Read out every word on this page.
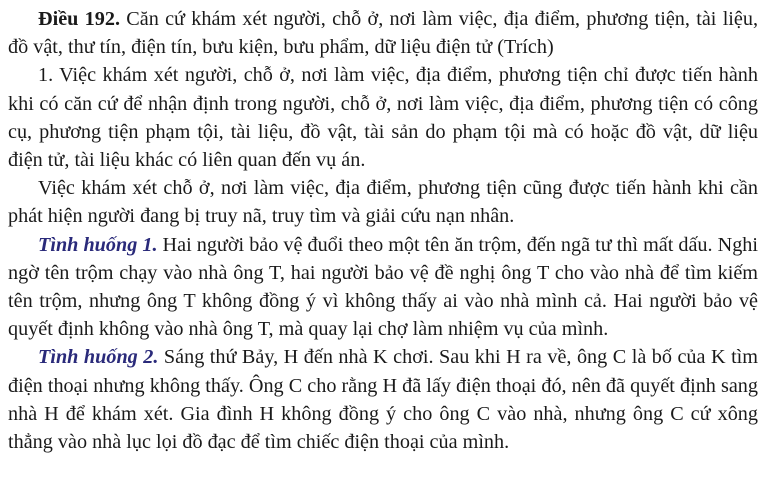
Điều 192. Căn cứ khám xét người, chỗ ở, nơi làm việc, địa điểm, phương tiện, tài liệu, đồ vật, thư tín, điện tín, bưu kiện, bưu phẩm, dữ liệu điện tử (Trích)

1. Việc khám xét người, chỗ ở, nơi làm việc, địa điểm, phương tiện chỉ được tiến hành khi có căn cứ để nhận định trong người, chỗ ở, nơi làm việc, địa điểm, phương tiện có công cụ, phương tiện phạm tội, tài liệu, đồ vật, tài sản do phạm tội mà có hoặc đồ vật, dữ liệu điện tử, tài liệu khác có liên quan đến vụ án.

Việc khám xét chỗ ở, nơi làm việc, địa điểm, phương tiện cũng được tiến hành khi cần phát hiện người đang bị truy nã, truy tìm và giải cứu nạn nhân.

Tình huống 1. Hai người bảo vệ đuổi theo một tên ăn trộm, đến ngã tư thì mất dấu. Nghi ngờ tên trộm chạy vào nhà ông T, hai người bảo vệ đề nghị ông T cho vào nhà để tìm kiếm tên trộm, nhưng ông T không đồng ý vì không thấy ai vào nhà mình cả. Hai người bảo vệ quyết định không vào nhà ông T, mà quay lại chợ làm nhiệm vụ của mình.

Tình huống 2. Sáng thứ Bảy, H đến nhà K chơi. Sau khi H ra về, ông C là bố của K tìm điện thoại nhưng không thấy. Ông C cho rằng H đã lấy điện thoại đó, nên đã quyết định sang nhà H để khám xét. Gia đình H không đồng ý cho ông C vào nhà, nhưng ông C cứ xông thẳng vào nhà lục lọi đồ đạc để tìm chiếc điện thoại của mình.
